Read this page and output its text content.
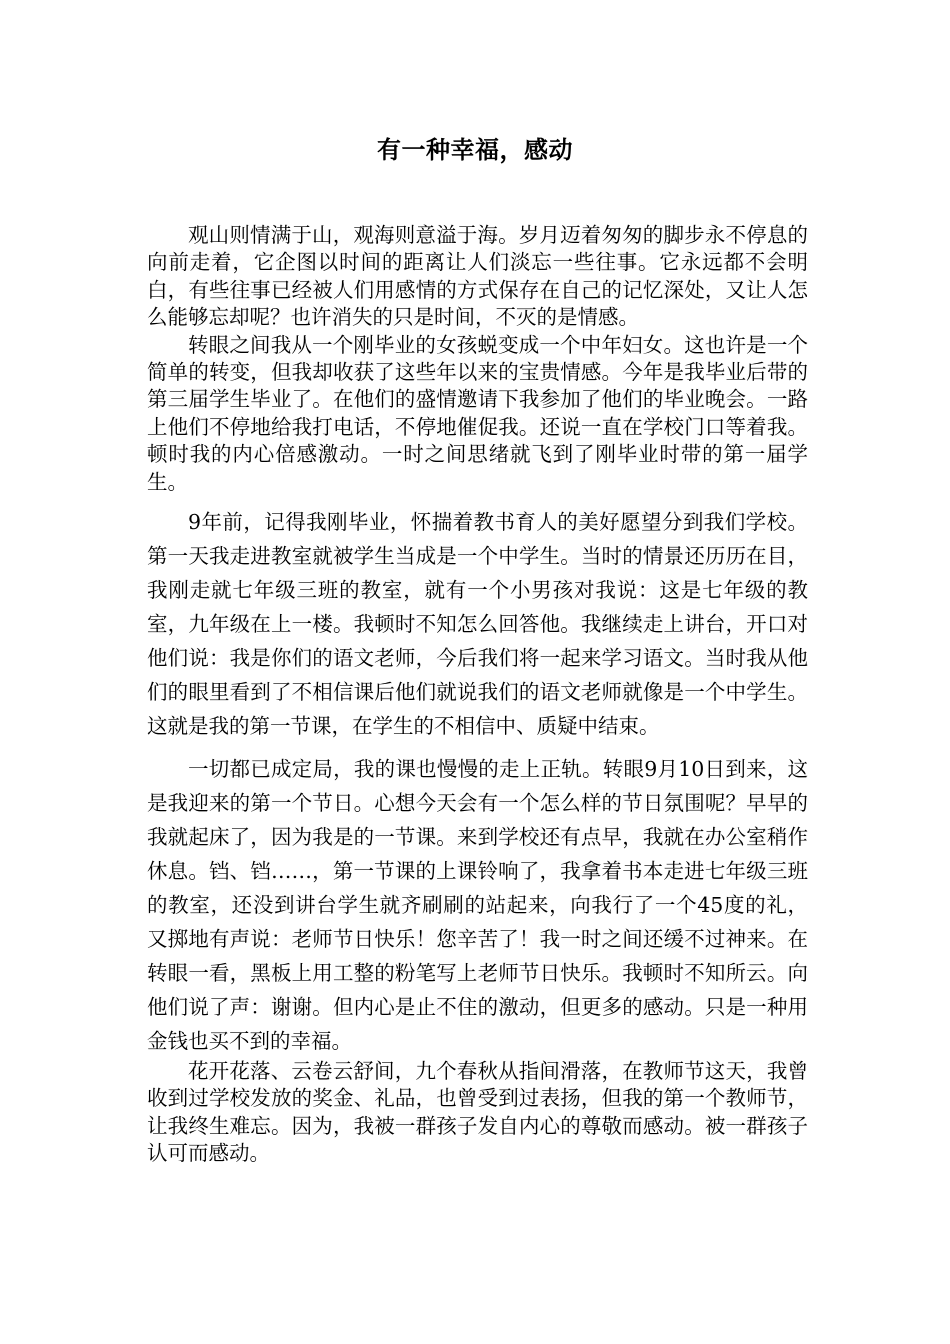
有一种幸福，感动

观山则情满于山，观海则意溢于海。岁月迈着匆匆的脚步永不停息的向前走着，它企图以时间的距离让人们淡忘一些往事。它永远都不会明白，有些往事已经被人们用感情的方式保存在自己的记忆深处，又让人怎么能够忘却呢？也许消失的只是时间，不灭的是情感。

转眼之间我从一个刚毕业的女孩蜕变成一个中年妇女。这也许是一个简单的转变，但我却收获了这些年以来的宝贵情感。今年是我毕业后带的第三届学生毕业了。在他们的盛情邀请下我参加了他们的毕业晚会。一路上他们不停地给我打电话，不停地催促我。还说一直在学校门口等着我。顿时我的内心倍感激动。一时之间思绪就飞到了刚毕业时带的第一届学生。

9年前，记得我刚毕业，怀揣着教书育人的美好愿望分到我们学校。第一天我走进教室就被学生当成是一个中学生。当时的情景还历历在目，我刚走就七年级三班的教室，就有一个小男孩对我说：这是七年级的教室，九年级在上一楼。我顿时不知怎么回答他。我继续走上讲台，开口对他们说：我是你们的语文老师，今后我们将一起来学习语文。当时我从他们的眼里看到了不相信课后他们就说我们的语文老师就像是一个中学生。这就是我的第一节课，在学生的不相信中、质疑中结束。

一切都已成定局，我的课也慢慢的走上正轨。转眼9月10日到来，这是我迎来的第一个节日。心想今天会有一个怎么样的节日氛围呢？早早的我就起床了，因为我是的一节课。来到学校还有点早，我就在办公室稍作休息。铛、铛……，第一节课的上课铃响了，我拿着书本走进七年级三班的教室，还没到讲台学生就齐刷刷的站起来，向我行了一个45度的礼，又掷地有声说：老师节日快乐！您辛苦了！我一时之间还缓不过神来。在转眼一看，黑板上用工整的粉笔写上老师节日快乐。我顿时不知所云。向他们说了声：谢谢。但内心是止不住的激动，但更多的感动。只是一种用金钱也买不到的幸福。

花开花落、云卷云舒间，九个春秋从指间滑落，在教师节这天，我曾收到过学校发放的奖金、礼品，也曾受到过表扬，但我的第一个教师节，让我终生难忘。因为，我被一群孩子发自内心的尊敬而感动。被一群孩子认可而感动。
